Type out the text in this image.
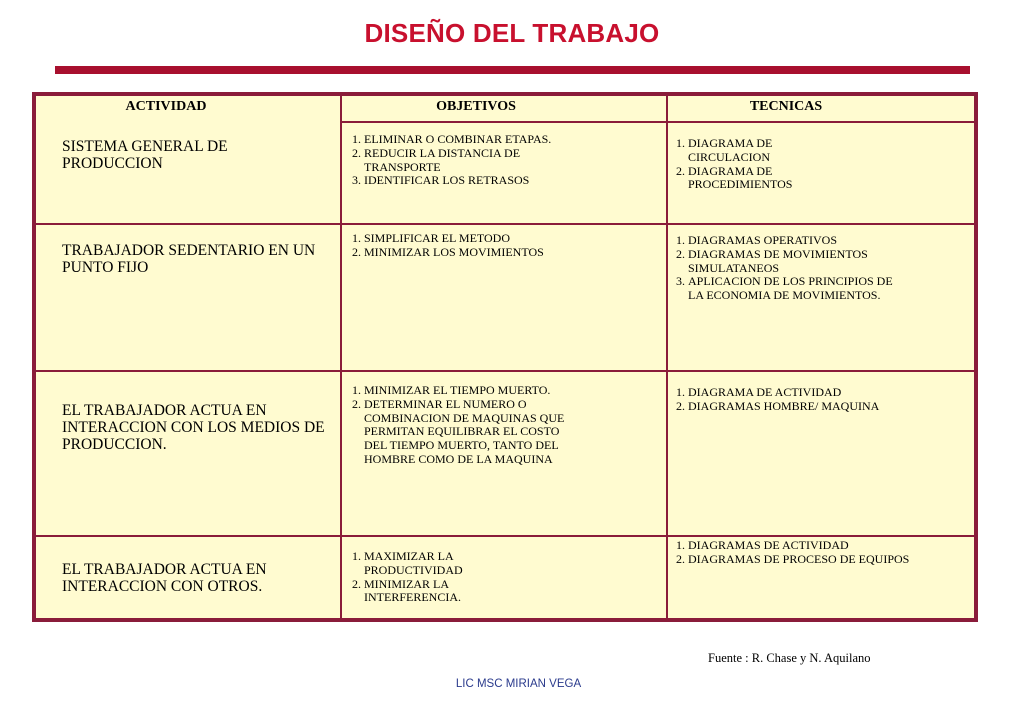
DISEÑO DEL TRABAJO
ACTIVIDAD	OBJETIVOS	TECNICAS
SISTEMA GENERAL DE PRODUCCION
1. ELIMINAR O COMBINAR ETAPAS.
2. REDUCIR LA DISTANCIA DE TRANSPORTE
3. IDENTIFICAR LOS RETRASOS
1. DIAGRAMA DE CIRCULACION
2. DIAGRAMA DE PROCEDIMIENTOS
TRABAJADOR SEDENTARIO EN UN PUNTO FIJO
1. SIMPLIFICAR EL METODO
2. MINIMIZAR LOS MOVIMIENTOS
1. DIAGRAMAS OPERATIVOS
2. DIAGRAMAS DE MOVIMIENTOS SIMULATANEOS
3. APLICACION DE LOS PRINCIPIOS DE LA ECONOMIA DE MOVIMIENTOS.
EL TRABAJADOR ACTUA EN INTERACCION CON LOS MEDIOS DE PRODUCCION.
1. MINIMIZAR EL TIEMPO MUERTO.
2. DETERMINAR EL NUMERO O COMBINACION DE MAQUINAS QUE PERMITAN EQUILIBRAR EL COSTO DEL TIEMPO MUERTO, TANTO DEL HOMBRE COMO DE LA MAQUINA
1. DIAGRAMA DE ACTIVIDAD
2. DIAGRAMAS HOMBRE/ MAQUINA
EL TRABAJADOR ACTUA EN INTERACCION CON OTROS.
1. MAXIMIZAR LA PRODUCTIVIDAD
2. MINIMIZAR LA INTERFERENCIA.
1. DIAGRAMAS DE ACTIVIDAD
2. DIAGRAMAS DE PROCESO DE EQUIPOS
Fuente : R. Chase y N. Aquilano
LIC MSC MIRIAN VEGA
